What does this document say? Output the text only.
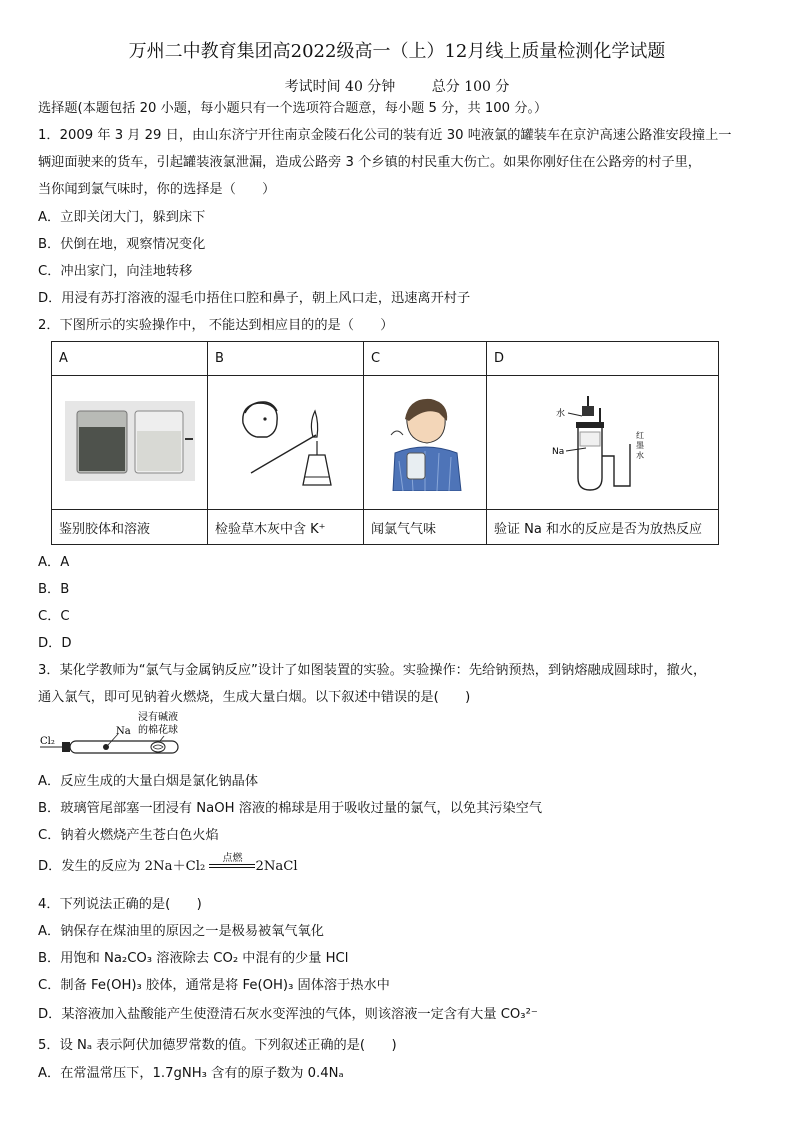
万州二中教育集团高2022级高一（上）12月线上质量检测化学试题
考试时间 40 分钟	总分 100 分
选择题(本题包括 20 小题，每小题只有一个选项符合题意，每小题 5 分，共 100 分。）
1．2009 年 3 月 29 日，由山东济宁开往南京金陵石化公司的装有近 30 吨液氯的罐装车在京沪高速公路淮安段撞上一
辆迎面驶来的货车，引起罐装液氯泄漏，造成公路旁 3 个乡镇的村民重大伤亡。如果你刚好住在公路旁的村子里，
当你闻到氯气味时，你的选择是（　　）
A．立即关闭大门，躲到床下
B．伏倒在地，观察情况变化
C．冲出家门，向洼地转移
D．用浸有苏打溶液的湿毛巾捂住口腔和鼻子，朝上风口走，迅速离开村子
2．下图所示的实验操作中， 不能达到相应目的的是（　　）
A	B	C	D

水
Na
红
墨
水

鉴别胶体和溶液	检验草木灰中含 K⁺	闻氯气气味	验证 Na 和水的反应是否为放热反应
A．A
B．B
C．C
D．D
3．某化学教师为“氯气与金属钠反应”设计了如图装置的实验。实验操作：先给钠预热，到钠熔融成圆球时，撤火，
通入氯气，即可见钠着火燃烧，生成大量白烟。以下叙述中错误的是(　　)
Cl₂
Na
浸有碱液
的棉花球
A．反应生成的大量白烟是氯化钠晶体
B．玻璃管尾部塞一团浸有 NaOH 溶液的棉球是用于吸收过量的氯气，以免其污染空气
C．钠着火燃烧产生苍白色火焰
D．发生的反应为 2Na＋Cl₂
点燃
2NaCl
4．下列说法正确的是(　　)
A．钠保存在煤油里的原因之一是极易被氧气氧化
B．用饱和 Na₂CO₃ 溶液除去 CO₂ 中混有的少量 HCl
C．制备 Fe(OH)₃ 胶体，通常是将 Fe(OH)₃ 固体溶于热水中
D．某溶液加入盐酸能产生使澄清石灰水变浑浊的气体，则该溶液一定含有大量 CO₃²⁻
5．设 Nₐ 表示阿伏加德罗常数的值。下列叙述正确的是(　　)
A．在常温常压下，1.7gNH₃ 含有的原子数为 0.4Nₐ
